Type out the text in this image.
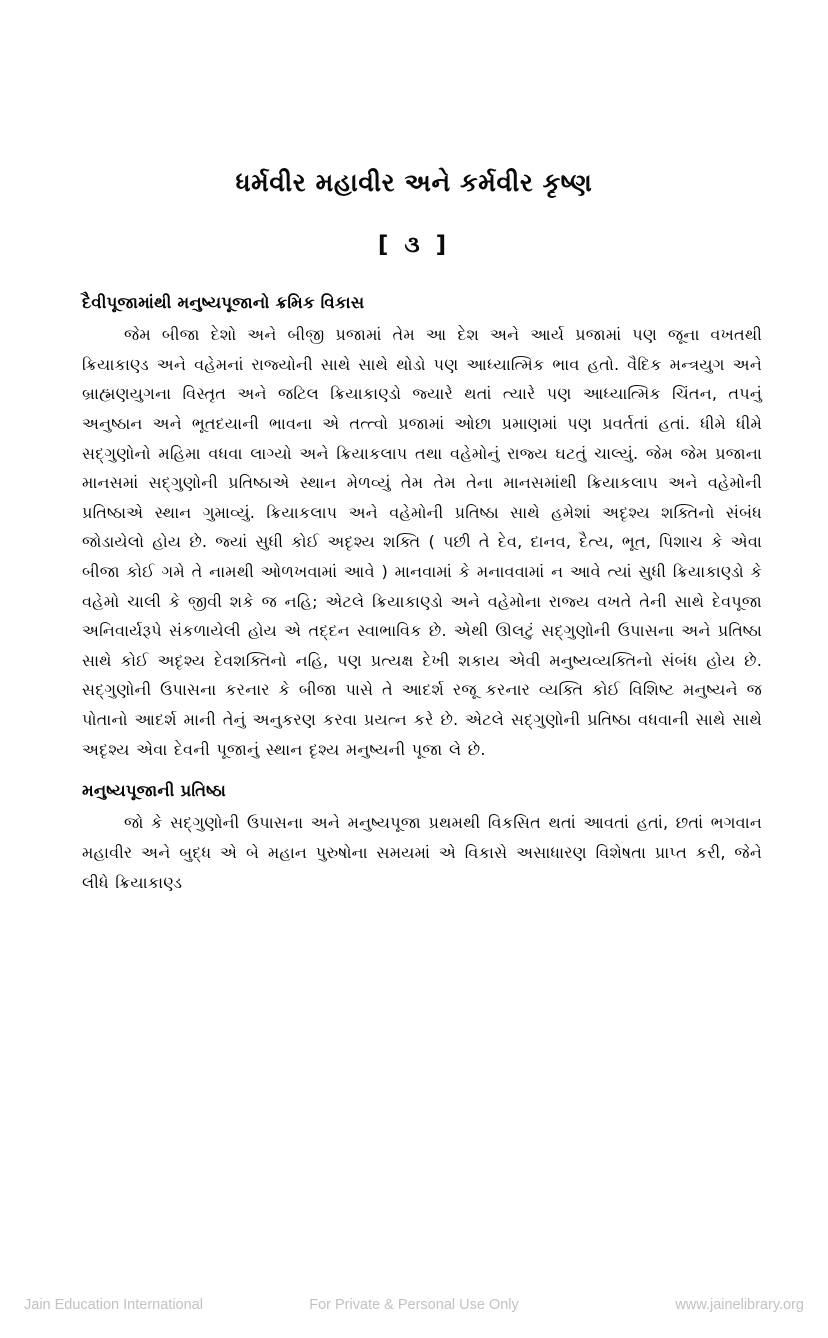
ધર્મવીર મહાવીર અને કર્મવીર કૃષ્ણ
[ ૩ ]
દૈવીપૂજામાંથી મનુષ્યપૂજાનો ક્રમિક વિકાસ

જેમ બીજા દેશો અને બીજી પ્રજામાં તેમ આ દેશ અને આર્ય પ્રજામાં પણ જૂના વખતથી ક્રિયાકાણ્ડ અને વહેમનાં રાજ્યોની સાથે સાથે થોડો પણ આધ્યાત્મિક ભાવ હતો. વૈદિક મન્ત્રયુગ અને બ્રાહ્મણયુગના વિસ્તૃત અને જટિલ ક્રિયાકાણ્ડો જ્યારે થતાં ત્યારે પણ આધ્યાત્મિક ચિંતન, તપનું અનુષ્ઠાન અને ભૂતદયાની ભાવના એ તત્ત્વો પ્રજામાં ઓછા પ્રમાણમાં પણ પ્રવર્તતાં હતાં. ધીમે ધીમે સદ્‌ગુણોનો મહિમા વધવા લાગ્યો અને ક્રિયાકલાપ તથા વહેમોનું રાજ્ય ઘટતું ચાલ્યું. જેમ જેમ પ્રજાના માનસમાં સદ્‌ગુણોની પ્રતિષ્ઠાએ સ્થાન મેળવ્યું તેમ તેમ તેના માનસમાંથી ક્રિયાકલાપ અને વહેમોની પ્રતિષ્ઠાએ સ્થાન ગુમાવ્યું. ક્રિયાકલાપ અને વહેમોની પ્રતિષ્ઠા સાથે હમેશાં અદૃશ્ય શક્તિનો સંબંધ જોડાયેલો હોય છે. જ્યાં સુધી કોઈ અદૃશ્ય શક્તિ ( પછી તે દેવ, દાનવ, દૈત્ય, ભૂત, પિશાચ કે એવા બીજા કોઈ ગમે તે નામથી ઓળખવામાં આવે ) માનવામાં કે મનાવવામાં ન આવે ત્યાં સુધી ક્રિયાકાણ્ડો કે વહેમો ચાલી કે જીવી શકે જ નહિ; એટલે ક્રિયાકાણ્ડો અને વહેમોના રાજ્ય વખતે તેની સાથે દેવપૂજા અનિવાર્યરૂપે સંકળાયેલી હોય એ તદ્દન સ્વાભાવિક છે. એથી ઊલટું સદ્‌ગુણોની ઉપાસના અને પ્રતિષ્ઠા સાથે કોઈ અદૃશ્ય દેવશક્તિનો નહિ, પણ પ્રત્યક્ષ દેખી શકાય એવી મનુષ્યવ્યક્તિનો સંબંધ હોય છે. સદ્‌ગુણોની ઉપાસના કરનાર કે બીજા પાસે તે આદર્શ રજૂ કરનાર વ્યક્તિ કોઈ વિશિષ્ટ મનુષ્યને જ પોતાનો આદર્શ માની તેનું અનુકરણ કરવા પ્રયત્ન કરે છે. એટલે સદ્‌ગુણોની પ્રતિષ્ઠા વધવાની સાથે સાથે અદૃશ્ય એવા દેવની પૂજાનું સ્થાન દૃશ્ય મનુષ્યની પૂજા લે છે.

મનુષ્યપૂજાની પ્રતિષ્ઠા

જો કે સદ્‌ગુણોની ઉપાસના અને મનુષ્યપૂજા પ્રથમથી વિકસિત થતાં આવતાં હતાં, છતાં ભગવાન મહાવીર અને બુદ્ધ એ બે મહાન પુરુષોના સમયમાં એ વિકાસે અસાધારણ વિશેષતા પ્રાપ્ત કરી, જેને લીધે ક્રિયાકાણ્ડ

Jain Education International	For Private & Personal Use Only	www.jainelibrary.org
